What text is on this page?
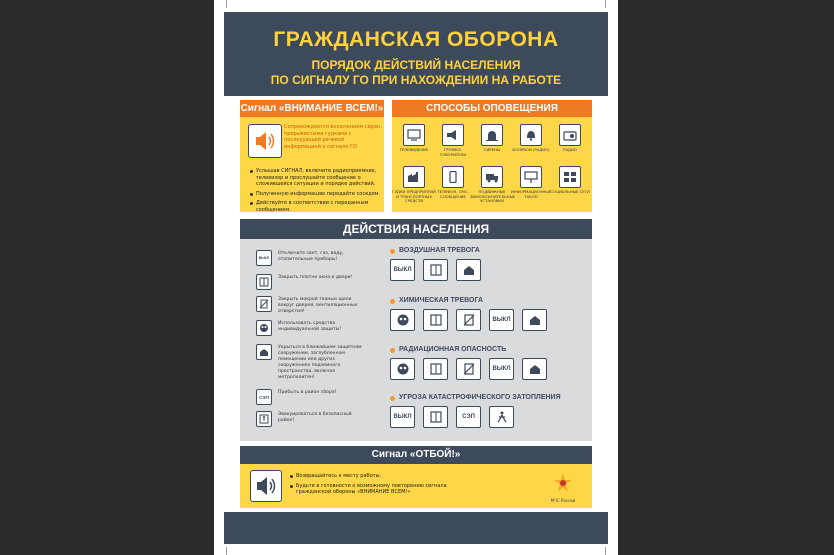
ГРАЖДАНСКАЯ ОБОРОНА
ПОРЯДОК ДЕЙСТВИЙ НАСЕЛЕНИЯ
ПО СИГНАЛУ ГО ПРИ НАХОЖДЕНИИ НА РАБОТЕ
Сигнал «ВНИМАНИЕ ВСЕМ!»
Сопровождается включением сирен, прерывистыми гудками с последующей речевой информацией о сигнале ГО
Услышав СИГНАЛ, включите радиоприемник, телевизор и прослушайте сообщение о сложившейся ситуации и порядке действий.
Полученную информацию передайте соседям.
Действуйте в соответствии с переданным сообщением.
СПОСОБЫ ОПОВЕЩЕНИЯ
ТЕЛЕВИДЕНИЕ	ГРОМКО-ГОВОРИТЕЛИ
СИРЕНЫ	БОЛЕВОЙ (РАДИО)	РАДИО
ГУДКИ ПРЕДПРИЯТИЙ И ТРАНСПОРТНЫХ СРЕДСТВ
ТЕЛЕФОН, СМС-СООБЩЕНИЕ
ПОДВИЖНЫЕ ЗВУКОУСИЛИТЕЛЬНЫЕ УСТАНОВКИ
ИНФОРМАЦИОННЫЕ ТАБЛО
СОЦИАЛЬНЫЕ СЕТИ
ДЕЙСТВИЯ НАСЕЛЕНИЯ
ВЫКЛ
Отключите свет, газ, воду, отопительные приборы!
Закрыть плотно окна и двери!
Закрыть мокрой тканью щели вокруг дверей, вентиляционные отверстия!
Использовать средства индивидуальной защиты!
Укрыться в ближайшем защитном сооружении, заглубленном помещении или других сооружениях подземного пространства, включая метрополитен!
СЭП
Прибыть в район сбора!
Эвакуироваться в безопасный район!
ВОЗДУШНАЯ ТРЕВОГА
ВЫКЛ
ХИМИЧЕСКАЯ ТРЕВОГА
ВЫКЛ
РАДИАЦИОННАЯ ОПАСНОСТЬ
ВЫКЛ
УГРОЗА КАТАСТРОФИЧЕСКОГО ЗАТОПЛЕНИЯ
ВЫКЛ	СЭП
Сигнал «ОТБОЙ!»
Возвращайтесь к месту работы.
Будьте в готовности к возможному повторению сигнала гражданской обороны «ВНИМАНИЕ ВСЕМ!»
МЧС России
